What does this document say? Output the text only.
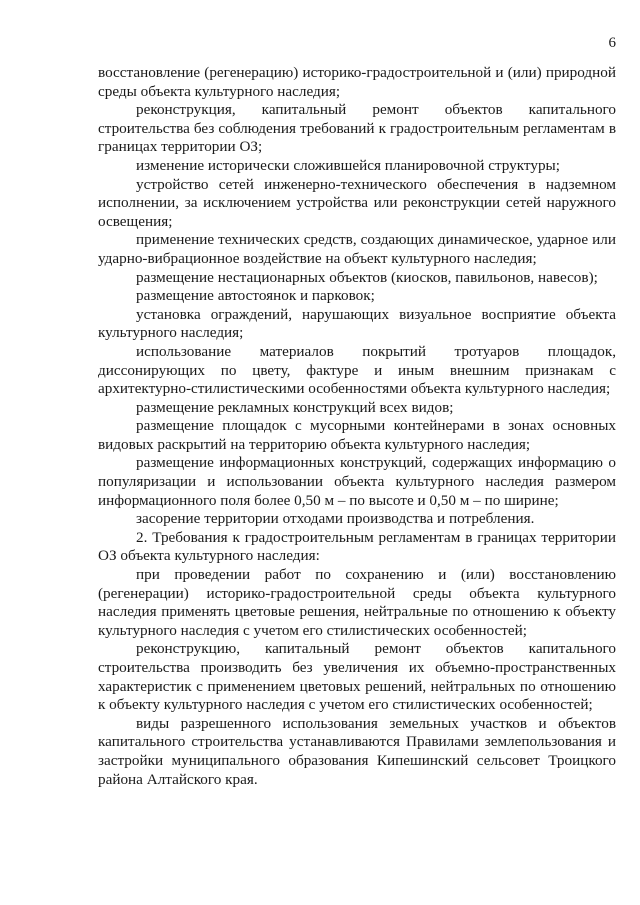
6

восстановление (регенерацию) историко-градостроительной и (или) природной среды объекта культурного наследия;

реконструкция, капитальный ремонт объектов капитального строительства без соблюдения требований к градостроительным регламентам в границах территории ОЗ;

изменение исторически сложившейся планировочной структуры;

устройство сетей инженерно-технического обеспечения в надземном исполнении, за исключением устройства или реконструкции сетей наружного освещения;

применение технических средств, создающих динамическое, ударное или ударно-вибрационное воздействие на объект культурного наследия;

размещение нестационарных объектов (киосков, павильонов, навесов);

размещение автостоянок и парковок;

установка ограждений, нарушающих визуальное восприятие объекта культурного наследия;

использование материалов покрытий тротуаров площадок, диссонирующих по цвету, фактуре и иным внешним признакам с архитектурно-стилистическими особенностями объекта культурного наследия;

размещение рекламных конструкций всех видов;

размещение площадок с мусорными контейнерами в зонах основных видовых раскрытий на территорию объекта культурного наследия;

размещение информационных конструкций, содержащих информацию о популяризации и использовании объекта культурного наследия размером информационного поля более 0,50 м – по высоте и 0,50 м – по ширине;

засорение территории отходами производства и потребления.

2. Требования к градостроительным регламентам в границах территории ОЗ объекта культурного наследия:

при проведении работ по сохранению и (или) восстановлению (регенерации) историко-градостроительной среды объекта культурного наследия применять цветовые решения, нейтральные по отношению к объекту культурного наследия с учетом его стилистических особенностей;

реконструкцию, капитальный ремонт объектов капитального строительства производить без увеличения их объемно-пространственных характеристик с применением цветовых решений, нейтральных по отношению к объекту культурного наследия с учетом его стилистических особенностей;

виды разрешенного использования земельных участков и объектов капитального строительства устанавливаются Правилами землепользования и застройки муниципального образования Кипешинский сельсовет Троицкого района Алтайского края.
